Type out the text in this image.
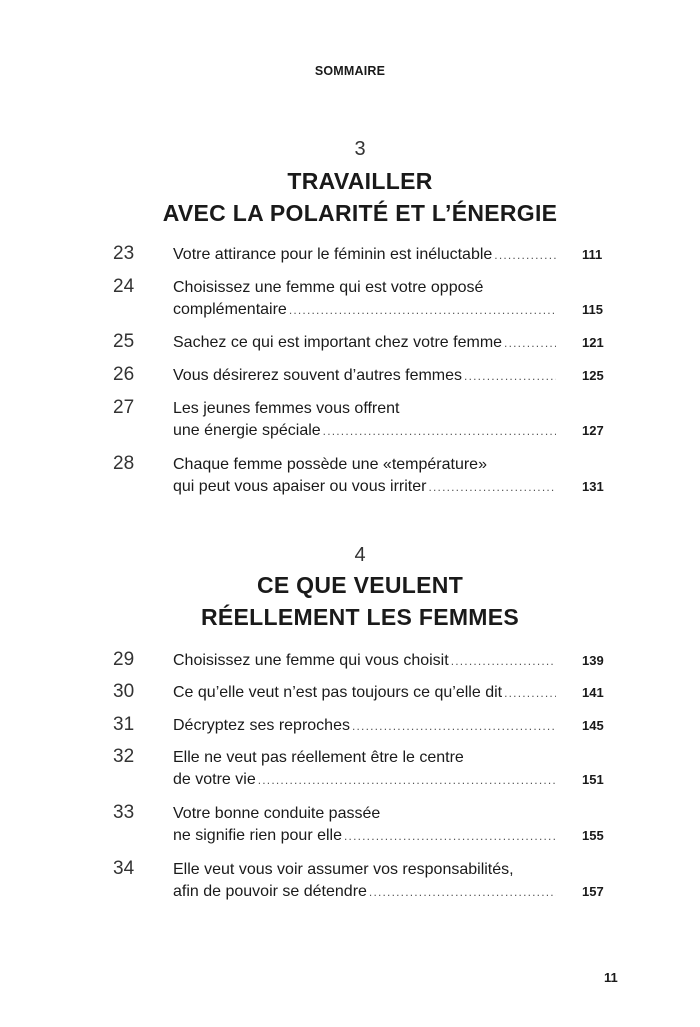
SOMMAIRE
3
TRAVAILLER
AVEC LA POLARITÉ ET L’ÉNERGIE
23 Votre attirance pour le féminin est inéluctable .....	111
24 Choisissez une femme qui est votre opposé
complémentaire .....	115
25 Sachez ce qui est important chez votre femme .....	121
26 Vous désirerez souvent d’autres femmes .....	125
27 Les jeunes femmes vous offrent
une énergie spéciale .....	127
28 Chaque femme possède une «température»
qui peut vous apaiser ou vous irriter .....	131
4
CE QUE VEULENT
RÉELLEMENT LES FEMMES
29 Choisissez une femme qui vous choisit .....	139
30 Ce qu’elle veut n’est pas toujours ce qu’elle dit .....	141
31 Décryptez ses reproches .....	145
32 Elle ne veut pas réellement être le centre
de votre vie .....	151
33 Votre bonne conduite passée
ne signifie rien pour elle .....	155
34 Elle veut vous voir assumer vos responsabilités,
afin de pouvoir se détendre .....	157
11
